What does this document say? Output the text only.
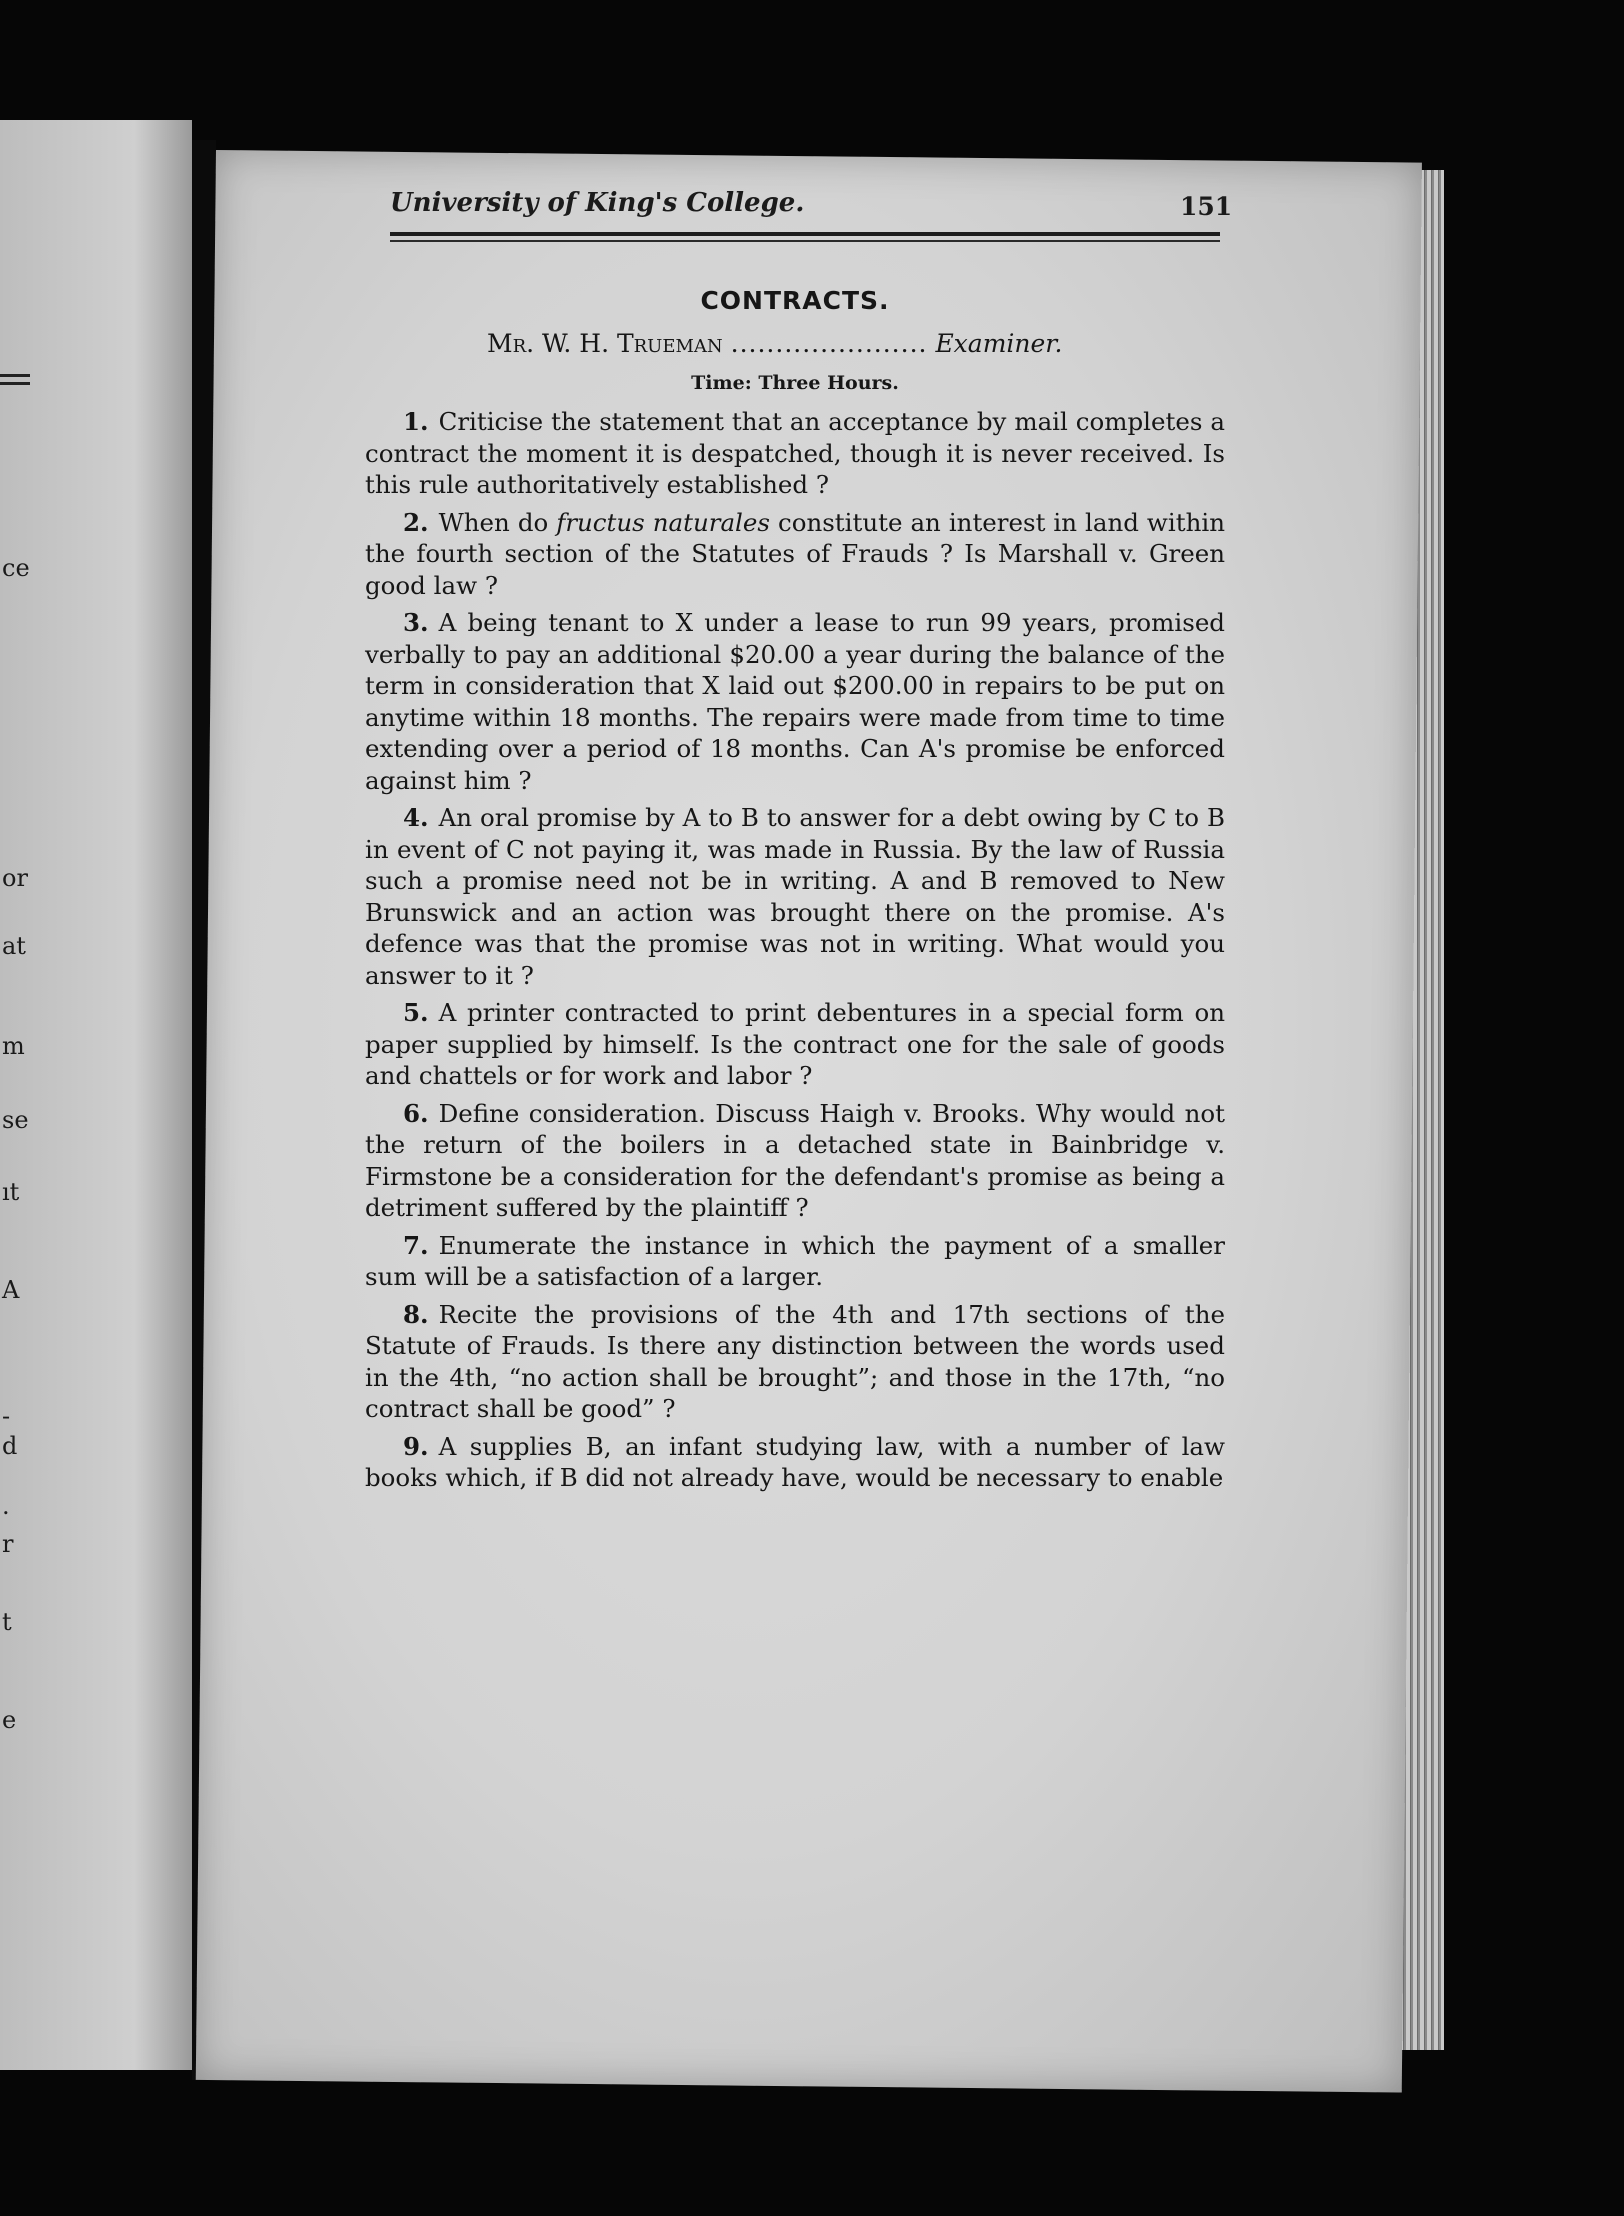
ce
or
at
m
se
ıt
A
-
d
.
r
t
e
University of King's College.	151
CONTRACTS.
Mr. W. H. Trueman ...................... Examiner.
Time: Three Hours.

1. Criticise the statement that an acceptance by mail completes a contract the moment it is despatched, though it is never received. Is this rule authoritatively established ?

2. When do fructus naturales constitute an interest in land within the fourth section of the Statutes of Frauds ? Is Marshall v. Green good law ?

3. A being tenant to X under a lease to run 99 years, promised verbally to pay an additional $20.00 a year during the balance of the term in consideration that X laid out $200.00 in repairs to be put on anytime within 18 months. The repairs were made from time to time extending over a period of 18 months. Can A's promise be enforced against him ?

4. An oral promise by A to B to answer for a debt owing by C to B in event of C not paying it, was made in Russia. By the law of Russia such a promise need not be in writing. A and B removed to New Brunswick and an action was brought there on the promise. A's defence was that the promise was not in writing. What would you answer to it ?

5. A printer contracted to print debentures in a special form on paper supplied by himself. Is the contract one for the sale of goods and chattels or for work and labor ?

6. Define consideration. Discuss Haigh v. Brooks. Why would not the return of the boilers in a detached state in Bainbridge v. Firmstone be a consideration for the defendant's promise as being a detriment suffered by the plaintiff ?

7. Enumerate the instance in which the payment of a smaller sum will be a satisfaction of a larger.

8. Recite the provisions of the 4th and 17th sections of the Statute of Frauds. Is there any distinction between the words used in the 4th, “no action shall be brought”; and those in the 17th, “no contract shall be good” ?

9. A supplies B, an infant studying law, with a number of law books which, if B did not already have, would be necessary to enable
